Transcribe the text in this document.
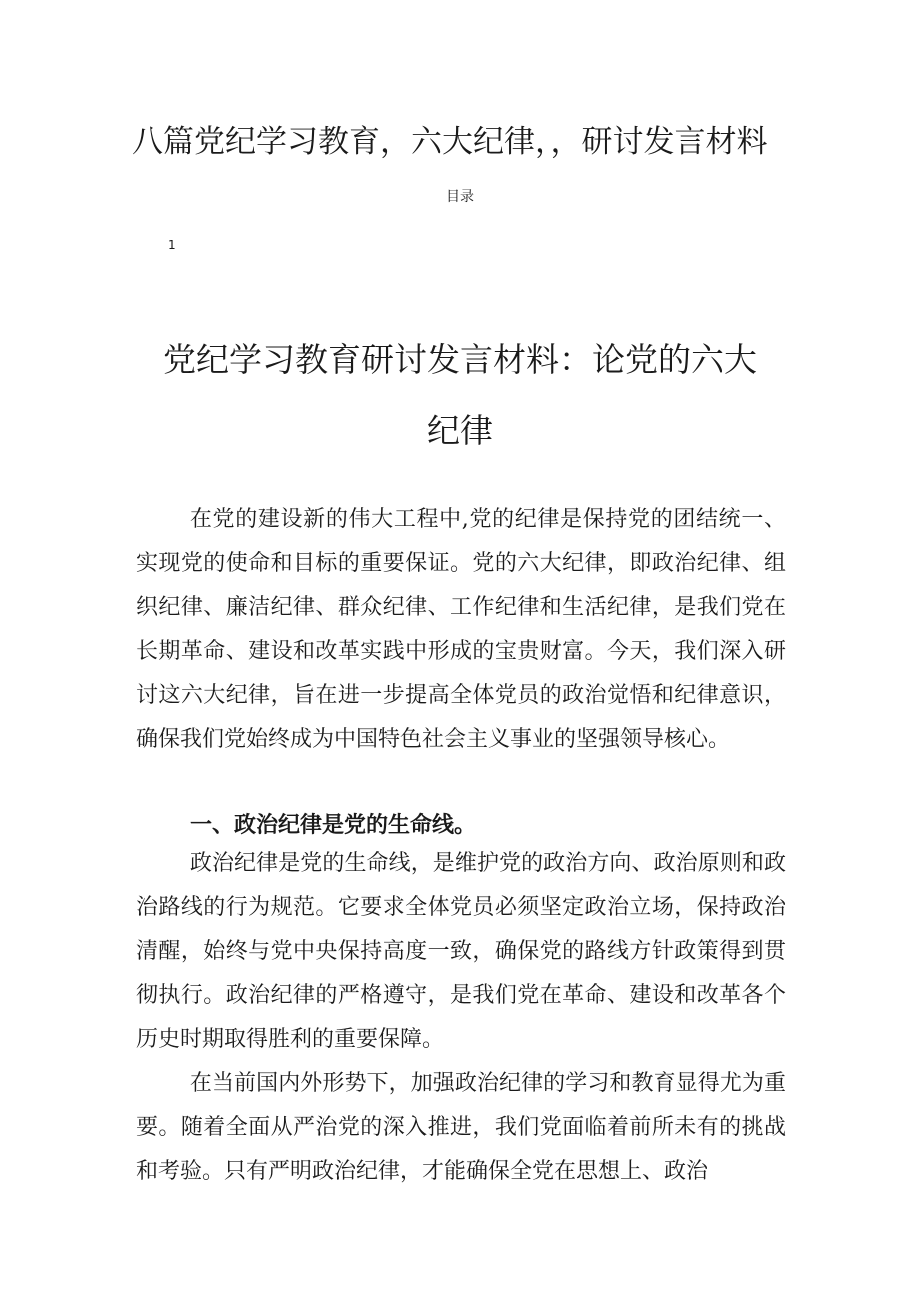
八篇党纪学习教育，六大纪律，，研讨发言材料
目录
1
党纪学习教育研讨发言材料：论党的六大
纪律

在党的建设新的伟大工程中,党的纪律是保持党的团结统一、实现党的使命和目标的重要保证。党的六大纪律，即政治纪律、组织纪律、廉洁纪律、群众纪律、工作纪律和生活纪律，是我们党在长期革命、建设和改革实践中形成的宝贵财富。今天，我们深入研讨这六大纪律，旨在进一步提高全体党员的政治觉悟和纪律意识，确保我们党始终成为中国特色社会主义事业的坚强领导核心。

一、政治纪律是党的生命线。

政治纪律是党的生命线，是维护党的政治方向、政治原则和政治路线的行为规范。它要求全体党员必须坚定政治立场，保持政治清醒，始终与党中央保持高度一致，确保党的路线方针政策得到贯彻执行。政治纪律的严格遵守，是我们党在革命、建设和改革各个历史时期取得胜利的重要保障。

在当前国内外形势下，加强政治纪律的学习和教育显得尤为重要。随着全面从严治党的深入推进，我们党面临着前所未有的挑战和考验。只有严明政治纪律，才能确保全党在思想上、政治
